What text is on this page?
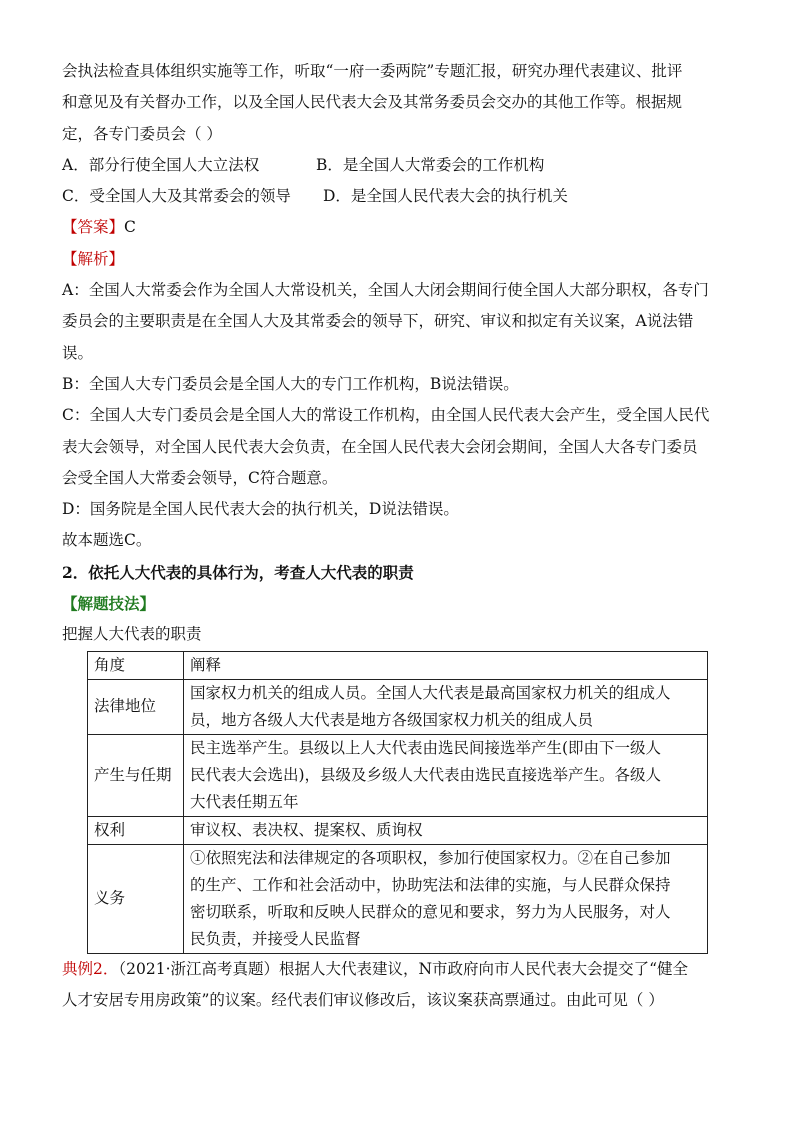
会执法检查具体组织实施等工作，听取“一府一委两院”专题汇报，研究办理代表建议、批评

和意见及有关督办工作，以及全国人民代表大会及其常务委员会交办的其他工作等。根据规

定，各专门委员会（ ）

A．部分行使全国人大立法权	B．是全国人大常委会的工作机构

C．受全国人大及其常委会的领导 D．是全国人民代表大会的执行机关

【答案】C

【解析】

A：全国人大常委会作为全国人大常设机关，全国人大闭会期间行使全国人大部分职权，各专门

委员会的主要职责是在全国人大及其常委会的领导下，研究、审议和拟定有关议案，A说法错

误。

B：全国人大专门委员会是全国人大的专门工作机构，B说法错误。

C：全国人大专门委员会是全国人大的常设工作机构，由全国人民代表大会产生，受全国人民代

表大会领导，对全国人民代表大会负责，在全国人民代表大会闭会期间，全国人大各专门委员

会受全国人大常委会领导，C符合题意。

D：国务院是全国人民代表大会的执行机关，D说法错误。

故本题选C。

2．依托人大代表的具体行为，考查人大代表的职责

【解题技法】

把握人大代表的职责

角度	阐释
法律地位	国家权力机关的组成人员。全国人大代表是最高国家权力机关的组成人
员，地方各级人大代表是地方各级国家权力机关的组成人员

产生与任期	民主选举产生。县级以上人大代表由选民间接选举产生(即由下一级人
民代表大会选出)，县级及乡级人大代表由选民直接选举产生。各级人
大代表任期五年

权利	审议权、表决权、提案权、质询权

义务	①依照宪法和法律规定的各项职权，参加行使国家权力。②在自己参加
的生产、工作和社会活动中，协助宪法和法律的实施，与人民群众保持
密切联系，听取和反映人民群众的意见和要求，努力为人民服务，对人
民负责，并接受人民监督

典例2．（2021·浙江高考真题）根据人大代表建议，N市政府向市人民代表大会提交了“健全

人才安居专用房政策”的议案。经代表们审议修改后，该议案获高票通过。由此可见（ ）
